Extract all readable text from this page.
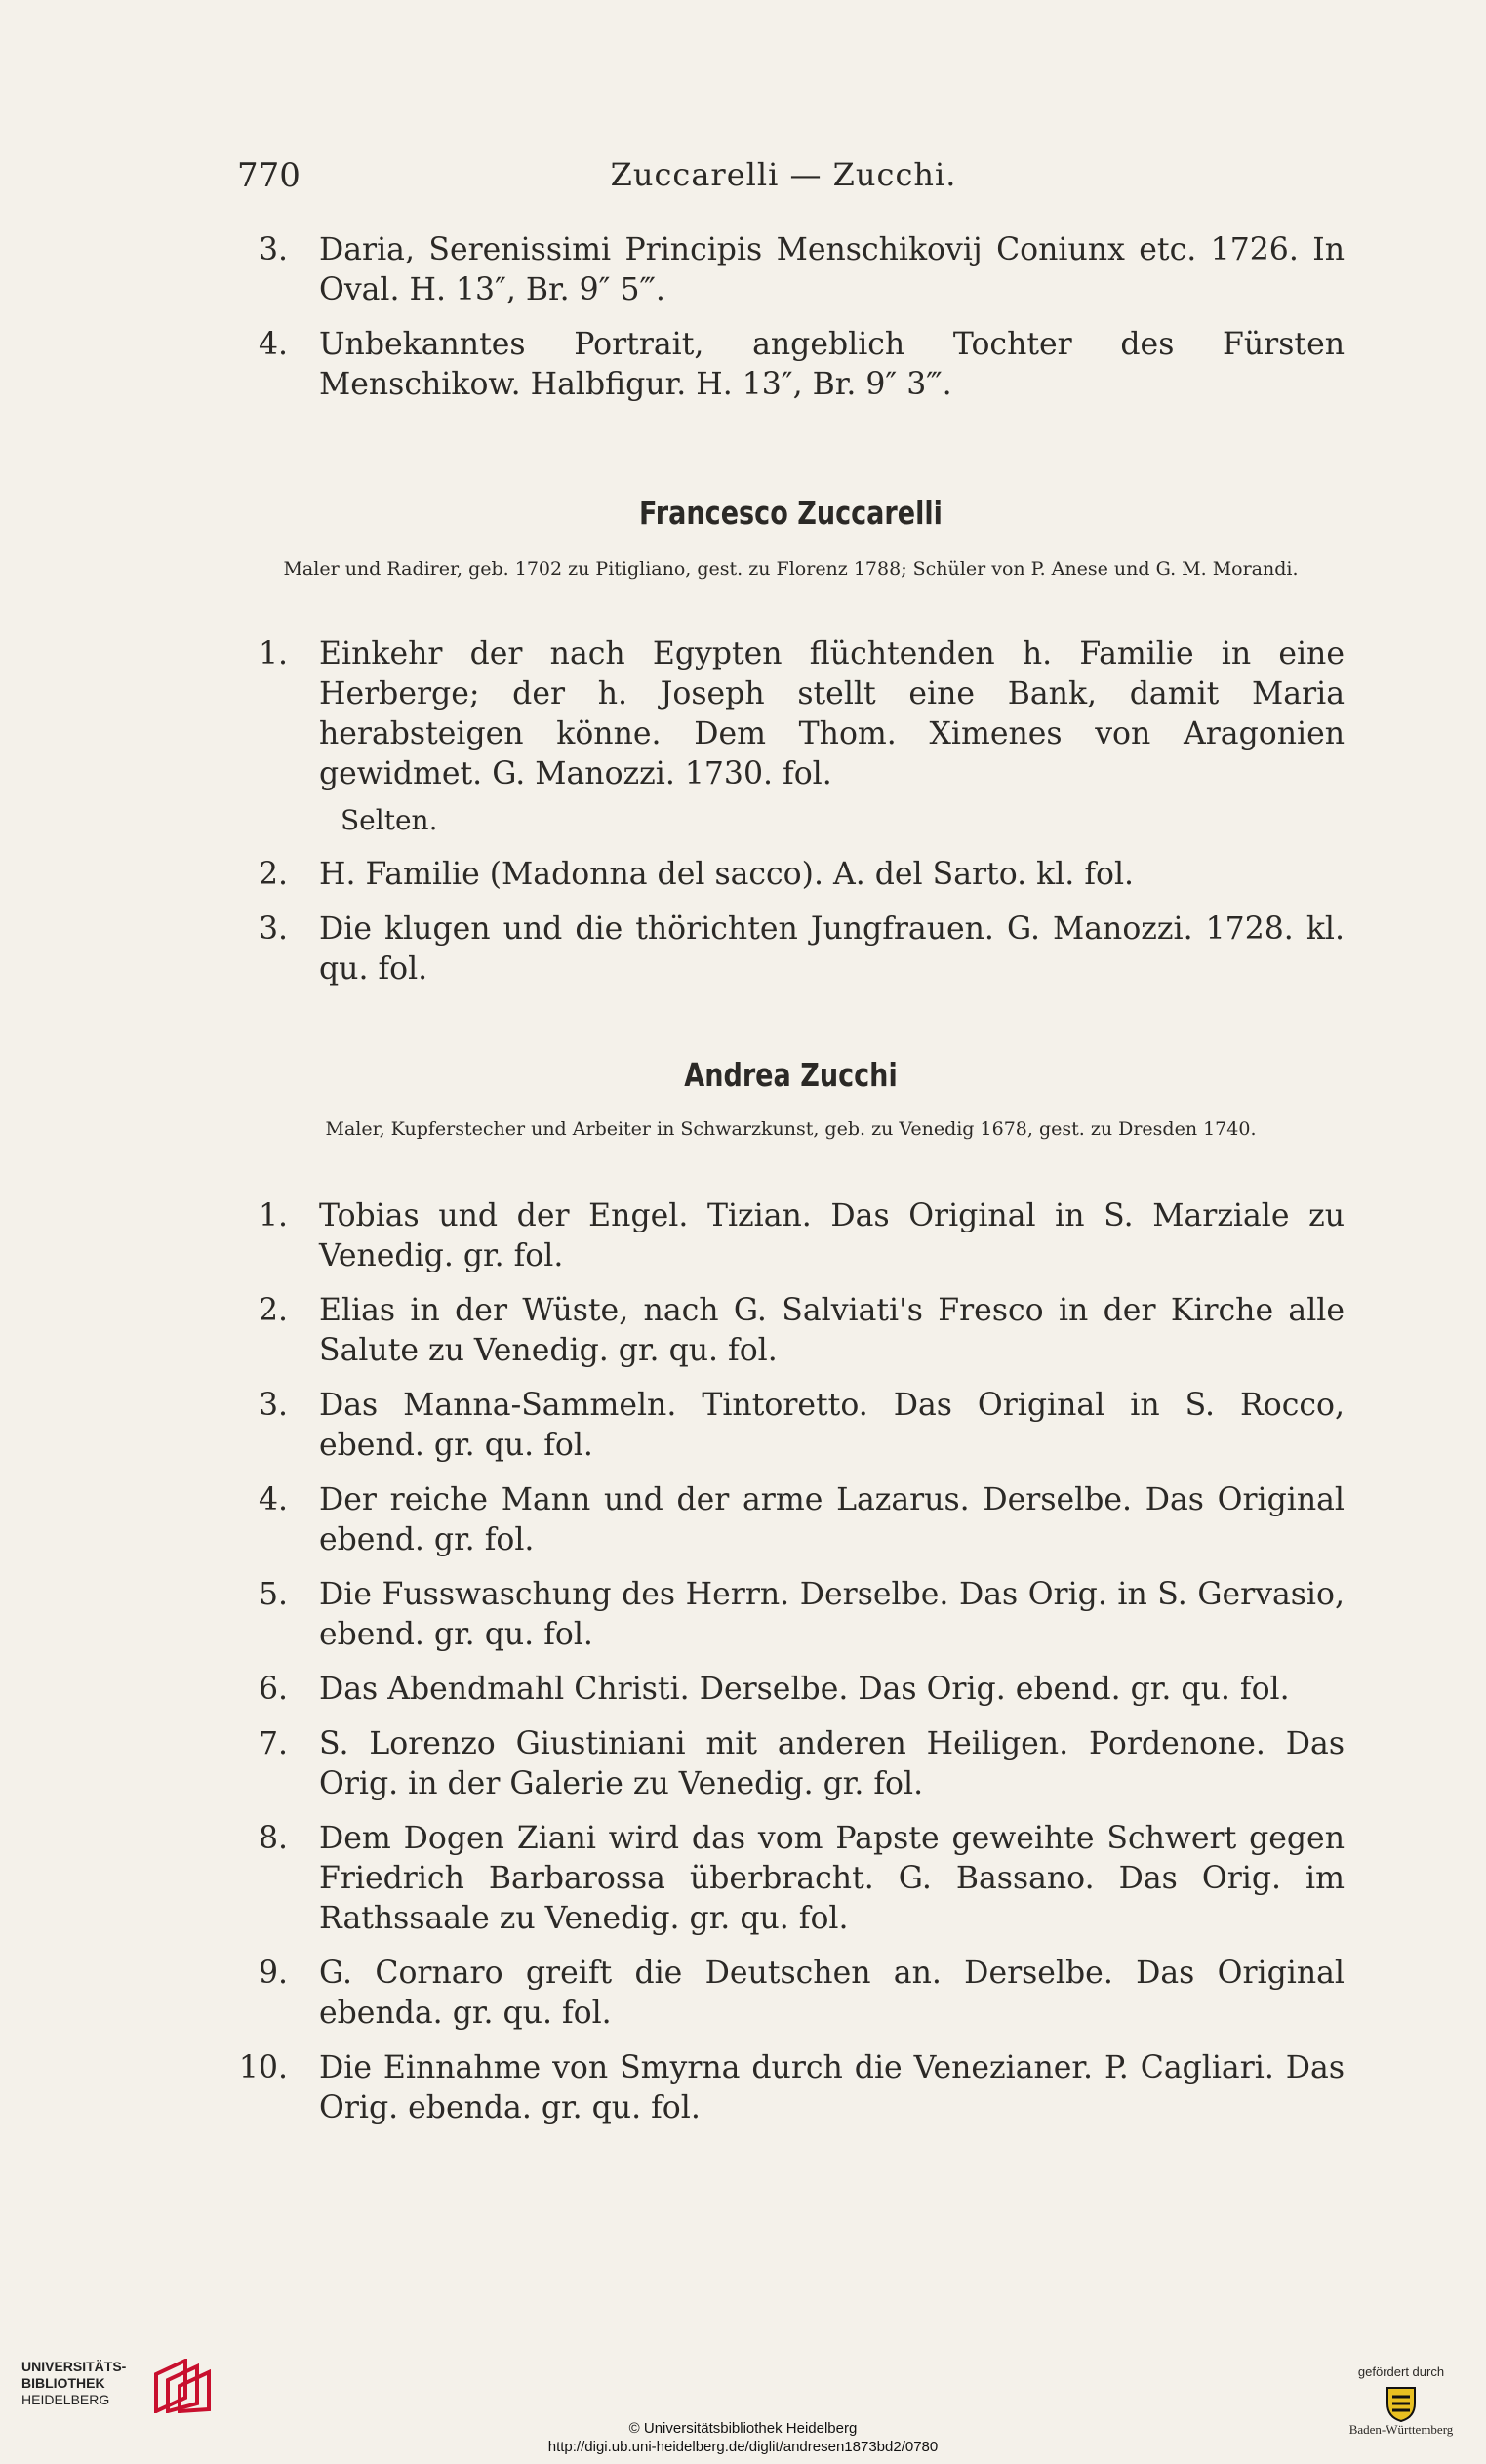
770	Zuccarelli — Zucchi.
3. Daria, Serenissimi Principis Menschikovij Coniunx etc. 1726. In Oval. H. 13″, Br. 9″ 5‴.
4. Unbekanntes Portrait, angeblich Tochter des Fürsten Menschikow. Halbfigur. H. 13″, Br. 9″ 3‴.
Francesco Zuccarelli
Maler und Radirer, geb. 1702 zu Pitigliano, gest. zu Florenz 1788; Schüler von P. Anese und G. M. Morandi.
1. Einkehr der nach Egypten flüchtenden h. Familie in eine Herberge; der h. Joseph stellt eine Bank, damit Maria herabsteigen könne. Dem Thom. Ximenes von Aragonien gewidmet. G. Manozzi. 1730. fol.
Selten.
2. H. Familie (Madonna del sacco). A. del Sarto. kl. fol.
3. Die klugen und die thörichten Jungfrauen. G. Manozzi. 1728. kl. qu. fol.
Andrea Zucchi
Maler, Kupferstecher und Arbeiter in Schwarzkunst, geb. zu Venedig 1678, gest. zu Dresden 1740.
1. Tobias und der Engel. Tizian. Das Original in S. Marziale zu Venedig. gr. fol.
2. Elias in der Wüste, nach G. Salviati's Fresco in der Kirche alle Salute zu Venedig. gr. qu. fol.
3. Das Manna-Sammeln. Tintoretto. Das Original in S. Rocco, ebend. gr. qu. fol.
4. Der reiche Mann und der arme Lazarus. Derselbe. Das Original ebend. gr. fol.
5. Die Fusswaschung des Herrn. Derselbe. Das Orig. in S. Gervasio, ebend. gr. qu. fol.
6. Das Abendmahl Christi. Derselbe. Das Orig. ebend. gr. qu. fol.
7. S. Lorenzo Giustiniani mit anderen Heiligen. Pordenone. Das Orig. in der Galerie zu Venedig. gr. fol.
8. Dem Dogen Ziani wird das vom Papste geweihte Schwert gegen Friedrich Barbarossa überbracht. G. Bassano. Das Orig. im Rathssaale zu Venedig. gr. qu. fol.
9. G. Cornaro greift die Deutschen an. Derselbe. Das Original ebenda. gr. qu. fol.
10. Die Einnahme von Smyrna durch die Venezianer. P. Cagliari. Das Orig. ebenda. gr. qu. fol.
UNIVERSITÄTS-
BIBLIOTHEK
HEIDELBERG
© Universitätsbibliothek Heidelberg
http://digi.ub.uni-heidelberg.de/diglit/andresen1873bd2/0780
gefördert durch
Baden-Württemberg
